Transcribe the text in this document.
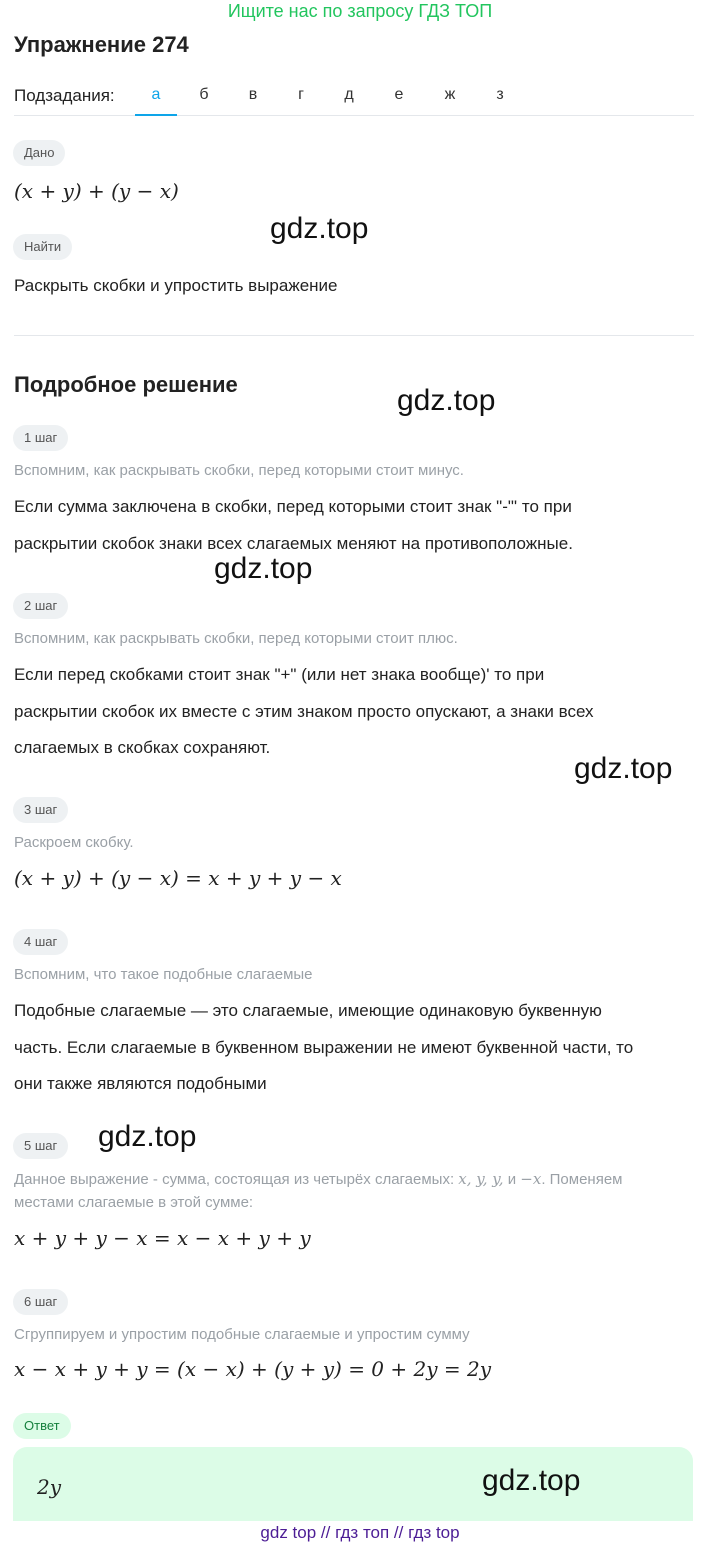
Ищите нас по запросу ГДЗ ТОП
Упражнение 274
Подзадания:	а	б	в	г	д	е	ж	з
Дано
(x + y) + (y − x)
Найти
Раскрыть скобки и упростить выражение
Подробное решение
1 шаг
Вспомним, как раскрывать скобки, перед которыми стоит минус.
Если сумма заключена в скобки, перед которыми стоит знак "-"' то при
раскрытии скобок знаки всех слагаемых меняют на противоположные.
2 шаг
Вспомним, как раскрывать скобки, перед которыми стоит плюс.
Если перед скобками стоит знак "+" (или нет знака вообще)' то при
раскрытии скобок их вместе с этим знаком просто опускают, а знаки всех
слагаемых в скобках сохраняют.
3 шаг
Раскроем скобку.
(x + y) + (y − x) = x + y + y − x
4 шаг
Вспомним, что такое подобные слагаемые
Подобные слагаемые — это слагаемые, имеющие одинаковую буквенную
часть. Если слагаемые в буквенном выражении не имеют буквенной части, то
они также являются подобными
5 шаг
Данное выражение - сумма, состоящая из четырёх слагаемых: x, y, y, и −x. Поменяем
местами слагаемые в этой сумме:
x + y + y − x = x − x + y + y
6 шаг
Сгруппируем и упростим подобные слагаемые и упростим сумму
x − x + y + y = (x − x) + (y + y) = 0 + 2y = 2y
Ответ
2y
gdz.top
gdz.top
gdz.top
gdz.top
gdz.top
gdz.top
gdz top // гдз топ // гдз top
